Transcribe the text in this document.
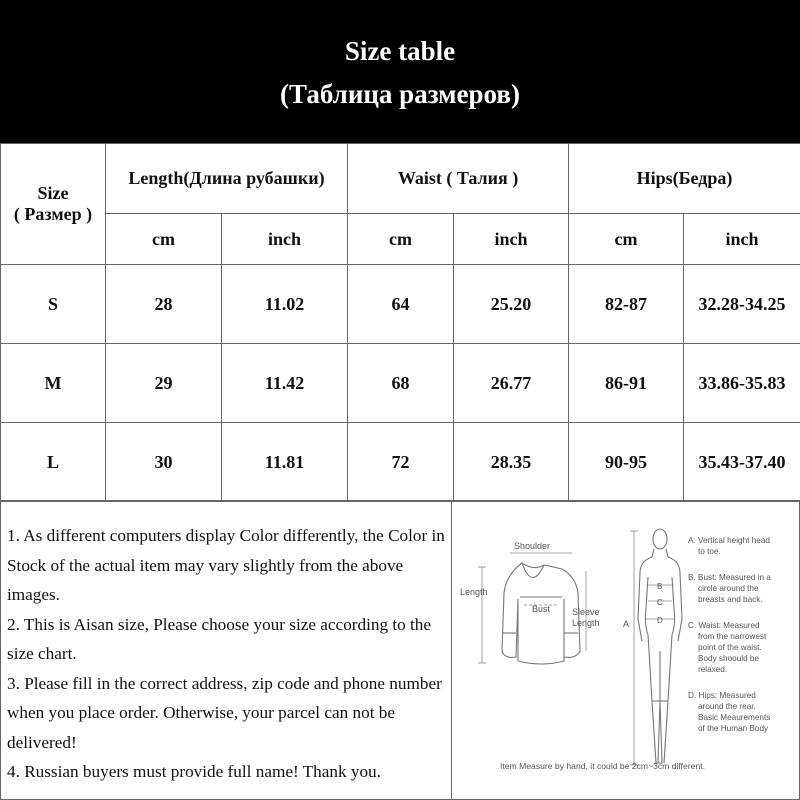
Size table
(Таблица размеров)
Size
( Размер )	Length(Длина рубашки)		Waist ( Талия )		Hips(Бедра)	
	cm	inch	cm	inch	cm	inch
S	28	11.02	64	25.20	82-87	32.28-34.25
M	29	11.42	68	26.77	86-91	33.86-35.83
L	30	11.81	72	28.35	90-95	35.43-37.40

1. As different computers display Color differently, the Color in Stock of the actual item may vary slightly from the above images.

2. This is Aisan size, Please choose your size according to the size chart.

3. Please fill in the correct address, zip code and phone number when you place order. Otherwise, your parcel can not be delivered!

4. Russian buyers must provide full name! Thank you.

Shoulder
Length
Bust Sleeve
Length	A
B
C
D
A. Vertical height head
to toe.
B. Bust: Measured in a
circle around the
breasts and back.
C. Waist: Measured
from the narrowest
point of the waist.
Body shoould be
relaxed.
D. Hips: Measured
around the rear.
Basic Meaurements
of the Human Body
Item Measure by hand, it could be 2cm~3cm different.
